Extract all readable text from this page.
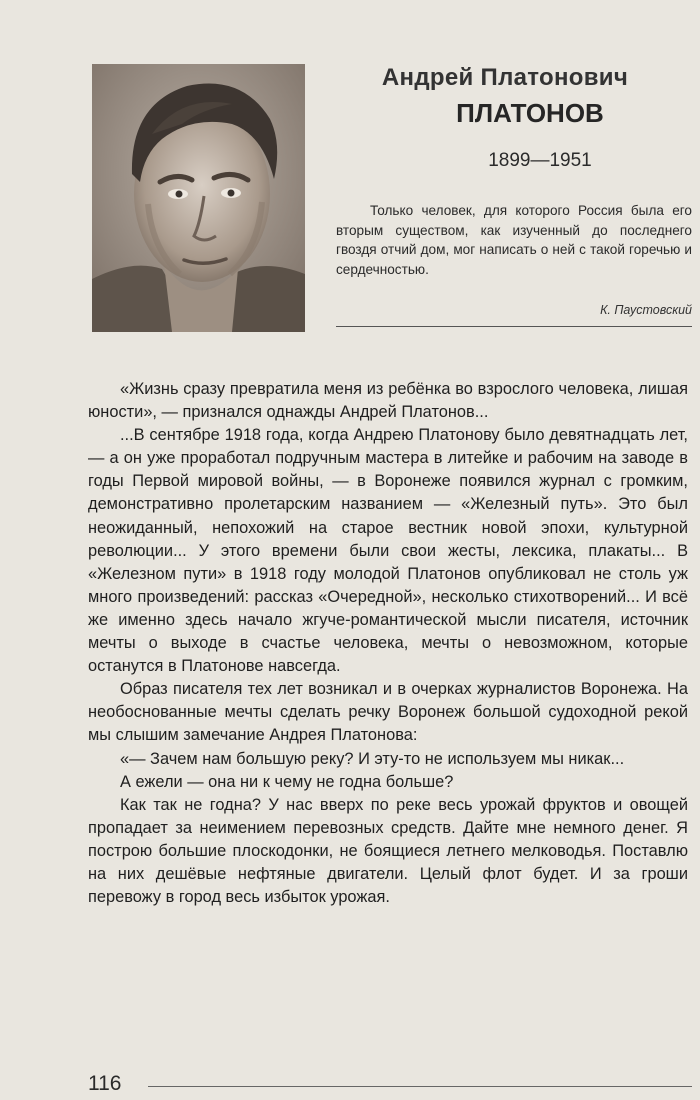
Андрей Платонович
ПЛАТОНОВ
1899—1951
Только человек, для которого Россия была его вторым существом, как изученный до последнего гвоздя отчий дом, мог написать о ней с такой горечью и сердечностью.
К. Паустовский

«Жизнь сразу превратила меня из ребёнка во взрослого человека, лишая юности», — признался однажды Андрей Платонов...

...В сентябре 1918 года, когда Андрею Платонову было девятнадцать лет, — а он уже проработал подручным мастера в литейке и рабочим на заводе в годы Первой мировой войны, — в Воронеже появился журнал с громким, демонстративно пролетарским названием — «Железный путь». Это был неожиданный, непохожий на старое вестник новой эпохи, культурной революции... У этого времени были свои жесты, лексика, плакаты... В «Железном пути» в 1918 году молодой Платонов опубликовал не столь уж много произведений: рассказ «Очередной», несколько стихотворений... И всё же именно здесь начало жгуче-романтической мысли писателя, источник мечты о выходе в счастье человека, мечты о невозможном, которые останутся в Платонове навсегда.

Образ писателя тех лет возникал и в очерках журналистов Воронежа. На необоснованные мечты сделать речку Воронеж большой судоходной рекой мы слышим замечание Андрея Платонова:

«— Зачем нам большую реку? И эту-то не используем мы никак...

А ежели — она ни к чему не годна больше?

Как так не годна? У нас вверх по реке весь урожай фруктов и овощей пропадает за неимением перевозных средств. Дайте мне немного денег. Я построю большие плоскодонки, не боящиеся летнего мелководья. Поставлю на них дешёвые нефтяные двигатели. Целый флот будет. И за гроши перевожу в город весь избыток урожая.

116
